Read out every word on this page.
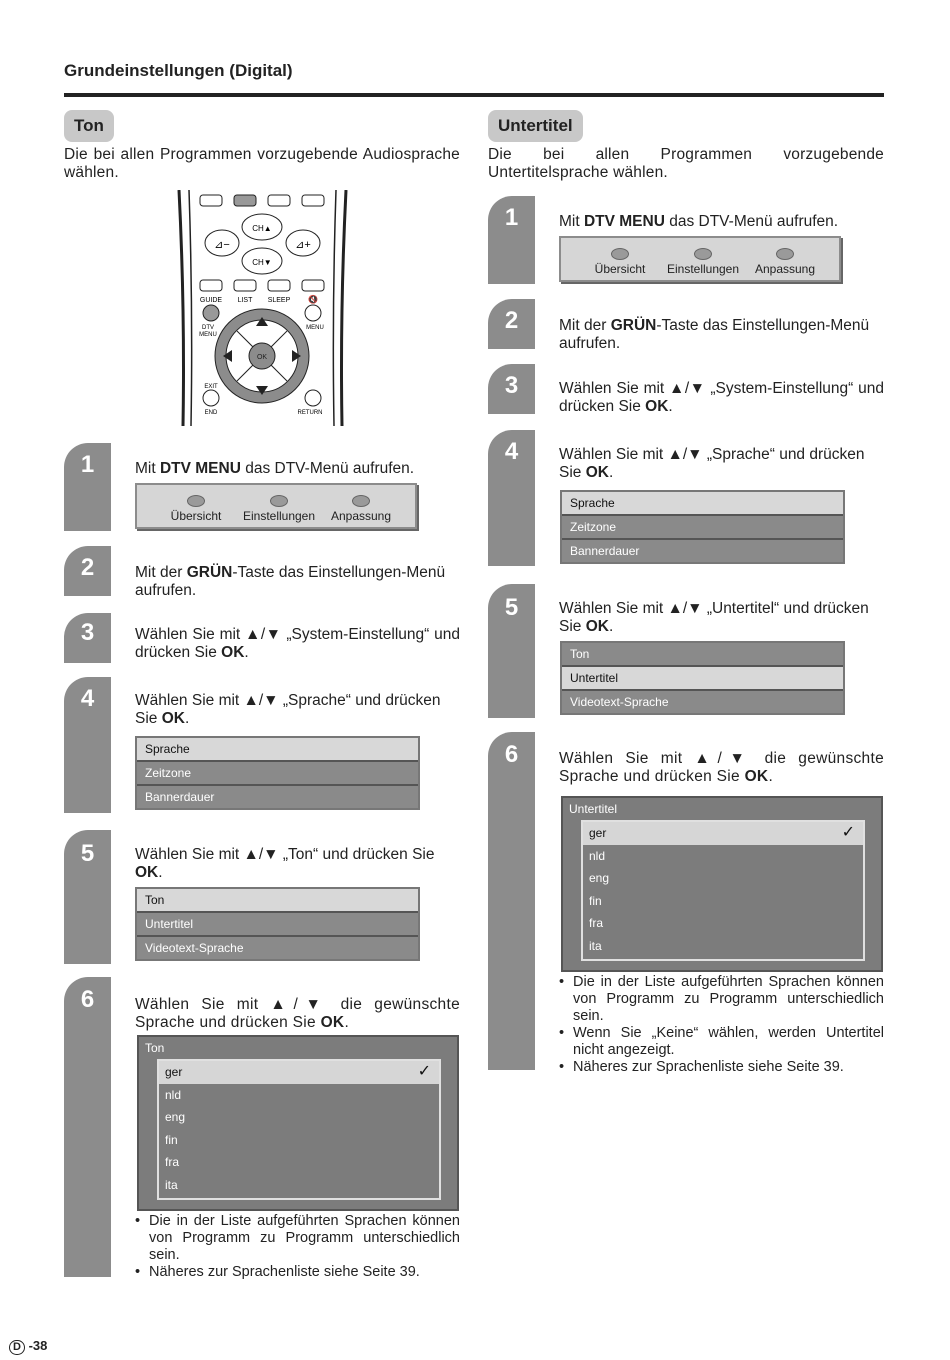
Grundeinstellungen (Digital)
Ton
Die bei allen Programmen vorzugebende Audiosprache wählen.
CH▲
CH▼
⊿−	⊿+
GUIDE LIST SLEEP 🔇
DTV
MENU
MENU
OK
EXIT
END	RETURN
1	Mit DTV MENU das DTV-Menü aufrufen.
Übersicht	Einstellungen	Anpassung
2	Mit der GRÜN-Taste das Einstellungen-Menü aufrufen.
3	Wählen Sie mit ▲/▼ „System-Einstellung“ und drücken Sie OK.
4	Wählen Sie mit ▲/▼ „Sprache“ und drücken Sie OK.
Sprache
Zeitzone
Bannerdauer
5	Wählen Sie mit ▲/▼ „Ton“ und drücken Sie OK.
Ton
Untertitel
Videotext-Sprache
6	Wählen Sie mit ▲/▼ die gewünschte Sprache und drücken Sie OK.
Ton
ger	✓
nld
eng
fin
fra
ita
• Die in der Liste aufgeführten Sprachen können von Programm zu Programm unterschiedlich sein.
• Näheres zur Sprachenliste siehe Seite 39.
Untertitel
Die bei allen Programmen vorzugebende Untertitelsprache wählen.
1	Mit DTV MENU das DTV-Menü aufrufen.
Übersicht	Einstellungen	Anpassung
2	Mit der GRÜN-Taste das Einstellungen-Menü aufrufen.
3	Wählen Sie mit ▲/▼ „System-Einstellung“ und drücken Sie OK.
4	Wählen Sie mit ▲/▼ „Sprache“ und drücken Sie OK.
Sprache
Zeitzone
Bannerdauer
5	Wählen Sie mit ▲/▼ „Untertitel“ und drücken Sie OK.
Ton
Untertitel
Videotext-Sprache
6	Wählen Sie mit ▲/▼ die gewünschte Sprache und drücken Sie OK.
Untertitel
ger	✓
nld
eng
fin
fra
ita
• Die in der Liste aufgeführten Sprachen können von Programm zu Programm unterschiedlich sein.
• Wenn Sie „Keine“ wählen, werden Untertitel nicht angezeigt.
• Näheres zur Sprachenliste siehe Seite 39.
D -38
